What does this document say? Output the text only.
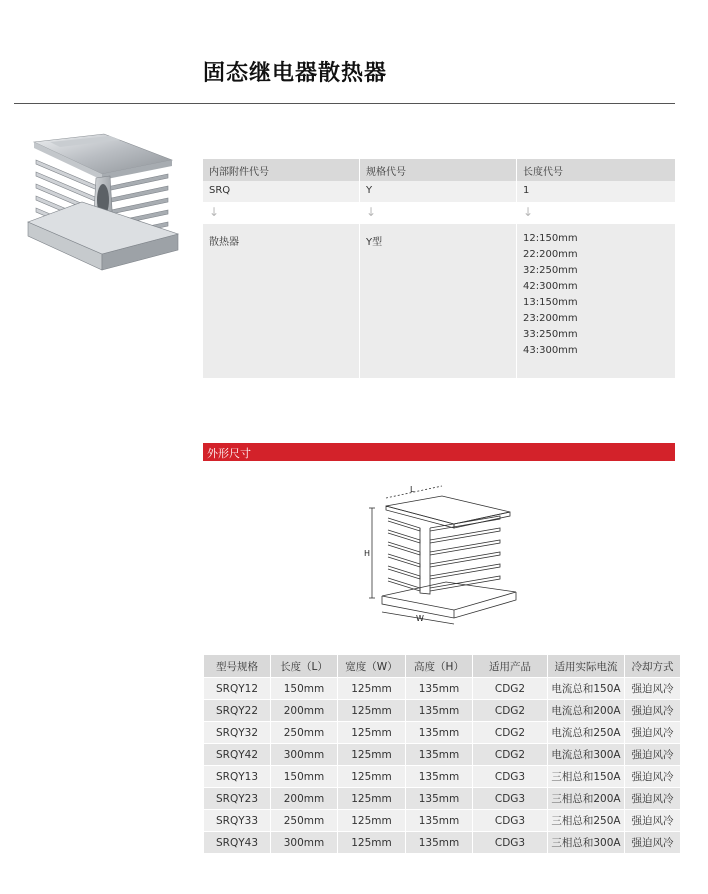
固态继电器散热器
内部附件代号	规格代号	长度代号
SRQ	Y	1
↓	↓	↓
散热器	Y型	12:150mm
22:200mm
32:250mm
42:300mm
13:150mm
23:200mm
33:250mm
43:300mm
外形尺寸
L
H
W
型号规格	长度（L）	宽度（W）	高度（H）	适用产品	适用实际电流	冷却方式
SRQY12	150mm	125mm	135mm	CDG2	电流总和150A	强迫风冷
SRQY22	200mm	125mm	135mm	CDG2	电流总和200A	强迫风冷
SRQY32	250mm	125mm	135mm	CDG2	电流总和250A	强迫风冷
SRQY42	300mm	125mm	135mm	CDG2	电流总和300A	强迫风冷
SRQY13	150mm	125mm	135mm	CDG3	三相总和150A	强迫风冷
SRQY23	200mm	125mm	135mm	CDG3	三相总和200A	强迫风冷
SRQY33	250mm	125mm	135mm	CDG3	三相总和250A	强迫风冷
SRQY43	300mm	125mm	135mm	CDG3	三相总和300A	强迫风冷
